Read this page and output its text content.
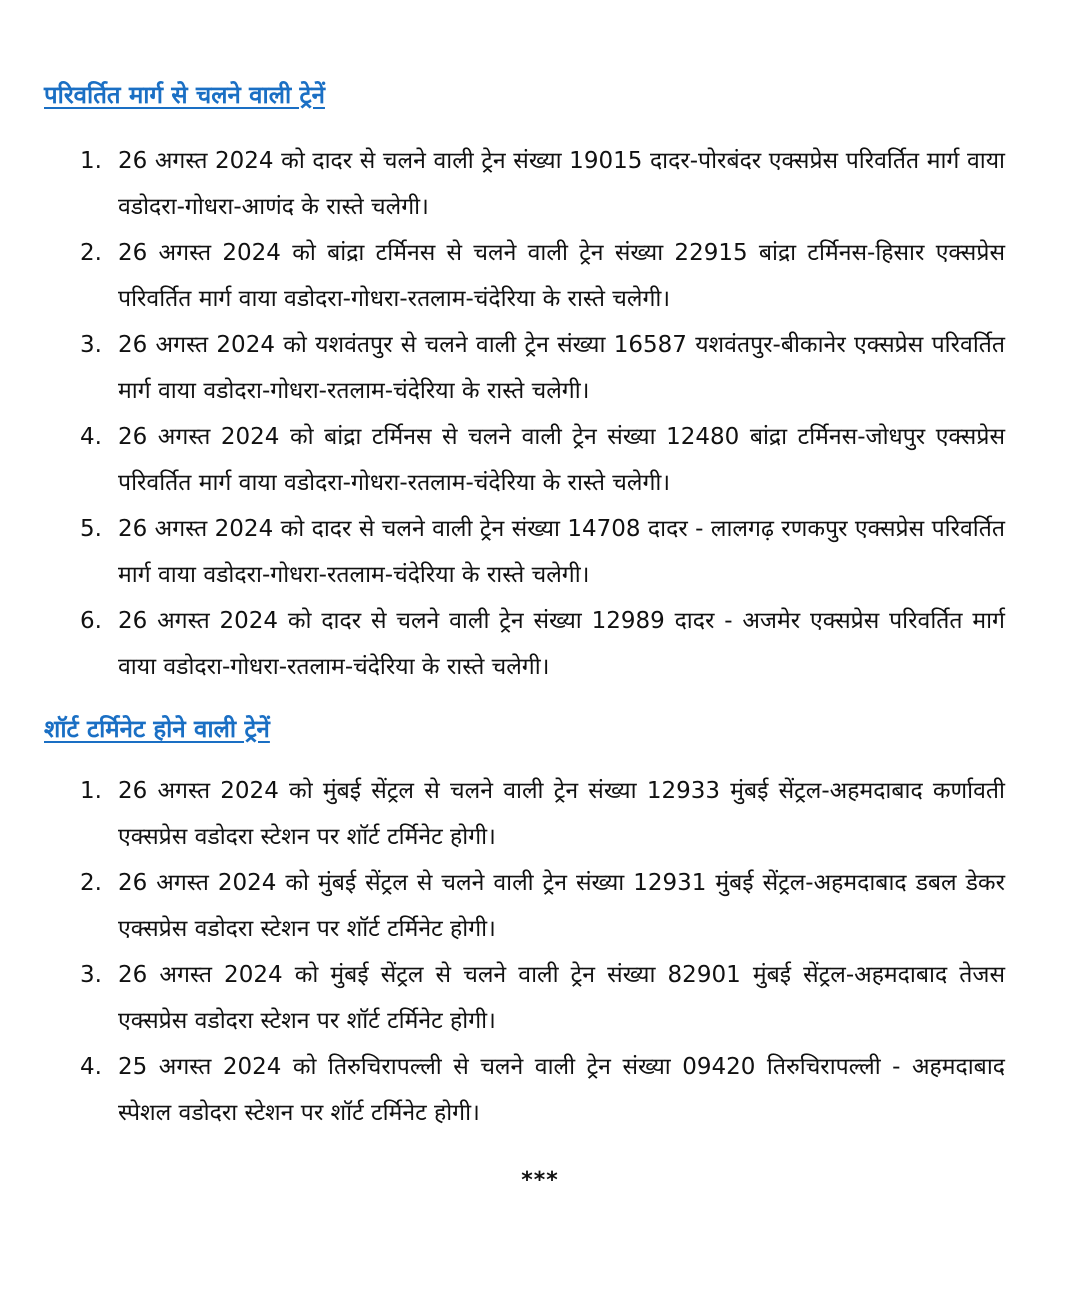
परिवर्तित मार्ग से चलने वाली ट्रेनें
1. 26 अगस्त 2024 को दादर से चलने वाली ट्रेन संख्या 19015 दादर-पोरबंदर एक्सप्रेस परिवर्तित मार्ग वाया वडोदरा-गोधरा-आणंद के रास्ते चलेगी।
2. 26 अगस्त 2024 को बांद्रा टर्मिनस से चलने वाली ट्रेन संख्या 22915 बांद्रा टर्मिनस-हिसार एक्सप्रेस परिवर्तित मार्ग वाया वडोदरा-गोधरा-रतलाम-चंदेरिया के रास्ते चलेगी।
3. 26 अगस्त 2024 को यशवंतपुर से चलने वाली ट्रेन संख्या 16587 यशवंतपुर-बीकानेर एक्सप्रेस परिवर्तित मार्ग वाया वडोदरा-गोधरा-रतलाम-चंदेरिया के रास्ते चलेगी।
4. 26 अगस्त 2024 को बांद्रा टर्मिनस से चलने वाली ट्रेन संख्या 12480 बांद्रा टर्मिनस-जोधपुर एक्सप्रेस परिवर्तित मार्ग वाया वडोदरा-गोधरा-रतलाम-चंदेरिया के रास्ते चलेगी।
5. 26 अगस्त 2024 को दादर से चलने वाली ट्रेन संख्या 14708 दादर - लालगढ़ रणकपुर एक्सप्रेस परिवर्तित मार्ग वाया वडोदरा-गोधरा-रतलाम-चंदेरिया के रास्ते चलेगी।
6. 26 अगस्त 2024 को दादर से चलने वाली ट्रेन संख्या 12989 दादर - अजमेर एक्सप्रेस परिवर्तित मार्ग वाया वडोदरा-गोधरा-रतलाम-चंदेरिया के रास्ते चलेगी।
शॉर्ट टर्मिनेट होने वाली ट्रेनें
1. 26 अगस्त 2024 को मुंबई सेंट्रल से चलने वाली ट्रेन संख्या 12933 मुंबई सेंट्रल-अहमदाबाद कर्णावती एक्सप्रेस वडोदरा स्टेशन पर शॉर्ट टर्मिनेट होगी।
2. 26 अगस्त 2024 को मुंबई सेंट्रल से चलने वाली ट्रेन संख्या 12931 मुंबई सेंट्रल-अहमदाबाद डबल डेकर एक्सप्रेस वडोदरा स्टेशन पर शॉर्ट टर्मिनेट होगी।
3. 26 अगस्त 2024 को मुंबई सेंट्रल से चलने वाली ट्रेन संख्या 82901 मुंबई सेंट्रल-अहमदाबाद तेजस एक्सप्रेस वडोदरा स्टेशन पर शॉर्ट टर्मिनेट होगी।
4. 25 अगस्त 2024 को तिरुचिरापल्ली से चलने वाली ट्रेन संख्या 09420 तिरुचिरापल्ली - अहमदाबाद स्पेशल वडोदरा स्टेशन पर शॉर्ट टर्मिनेट होगी।
***
